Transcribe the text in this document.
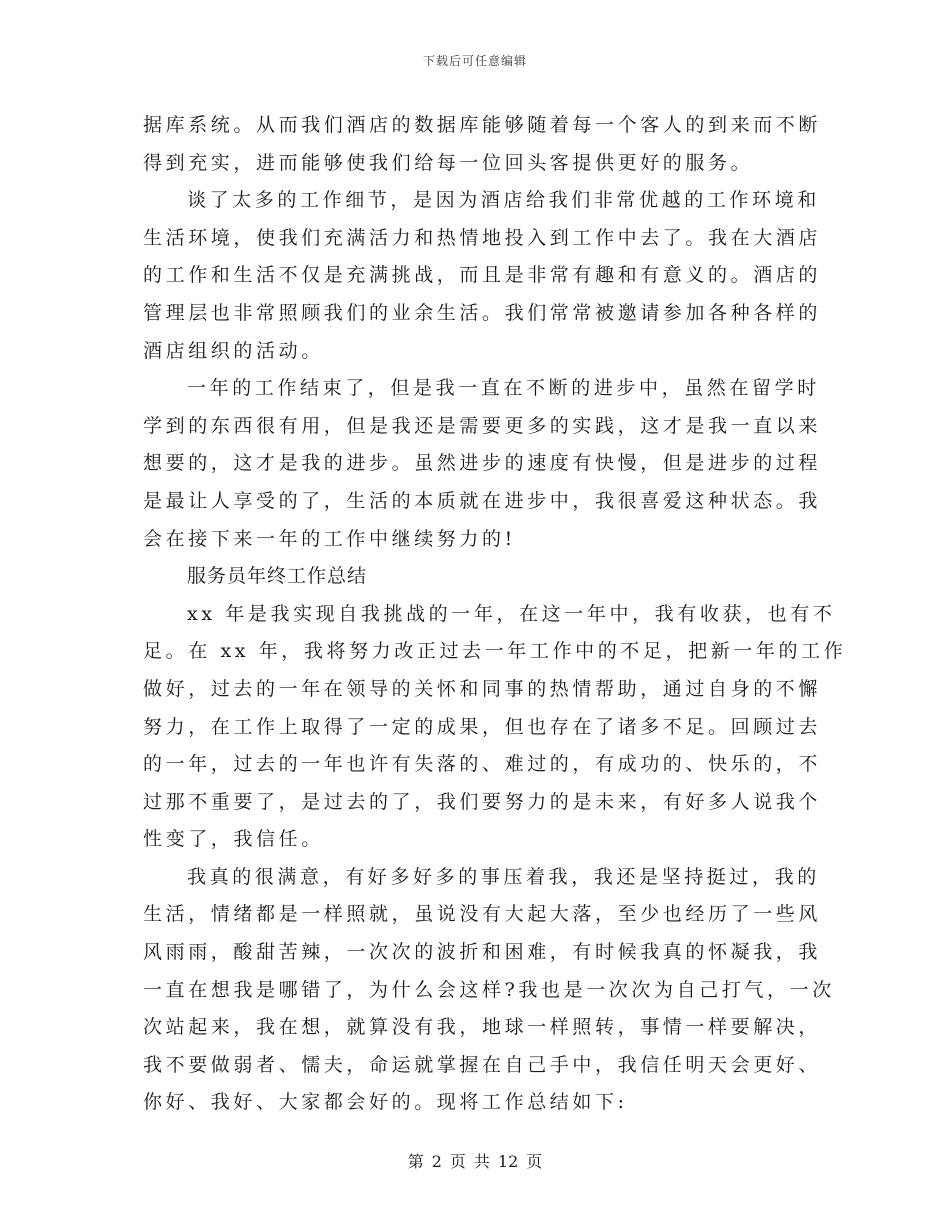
下载后可任意编辑
据库系统。从而我们酒店的数据库能够随着每一个客人的到来而不断
得到充实，进而能够使我们给每一位回头客提供更好的服务。
谈了太多的工作细节，是因为酒店给我们非常优越的工作环境和
生活环境，使我们充满活力和热情地投入到工作中去了。我在大酒店
的工作和生活不仅是充满挑战，而且是非常有趣和有意义的。酒店的
管理层也非常照顾我们的业余生活。我们常常被邀请参加各种各样的
酒店组织的活动。
一年的工作结束了，但是我一直在不断的进步中，虽然在留学时
学到的东西很有用，但是我还是需要更多的实践，这才是我一直以来
想要的，这才是我的进步。虽然进步的速度有快慢，但是进步的过程
是最让人享受的了，生活的本质就在进步中，我很喜爱这种状态。我
会在接下来一年的工作中继续努力的!
服务员年终工作总结
xx 年是我实现自我挑战的一年，在这一年中，我有收获，也有不
足。在 xx 年，我将努力改正过去一年工作中的不足，把新一年的工作
做好，过去的一年在领导的关怀和同事的热情帮助，通过自身的不懈
努力，在工作上取得了一定的成果，但也存在了诸多不足。回顾过去
的一年，过去的一年也许有失落的、难过的，有成功的、快乐的，不
过那不重要了，是过去的了，我们要努力的是未来，有好多人说我个
性变了，我信任。
我真的很满意，有好多好多的事压着我，我还是坚持挺过，我的
生活，情绪都是一样照就，虽说没有大起大落，至少也经历了一些风
风雨雨，酸甜苦辣，一次次的波折和困难，有时候我真的怀凝我，我
一直在想我是哪错了，为什么会这样?我也是一次次为自己打气，一次
次站起来，我在想，就算没有我，地球一样照转，事情一样要解决，
我不要做弱者、懦夫，命运就掌握在自己手中，我信任明天会更好、
你好、我好、大家都会好的。现将工作总结如下:
第 2 页 共 12 页
